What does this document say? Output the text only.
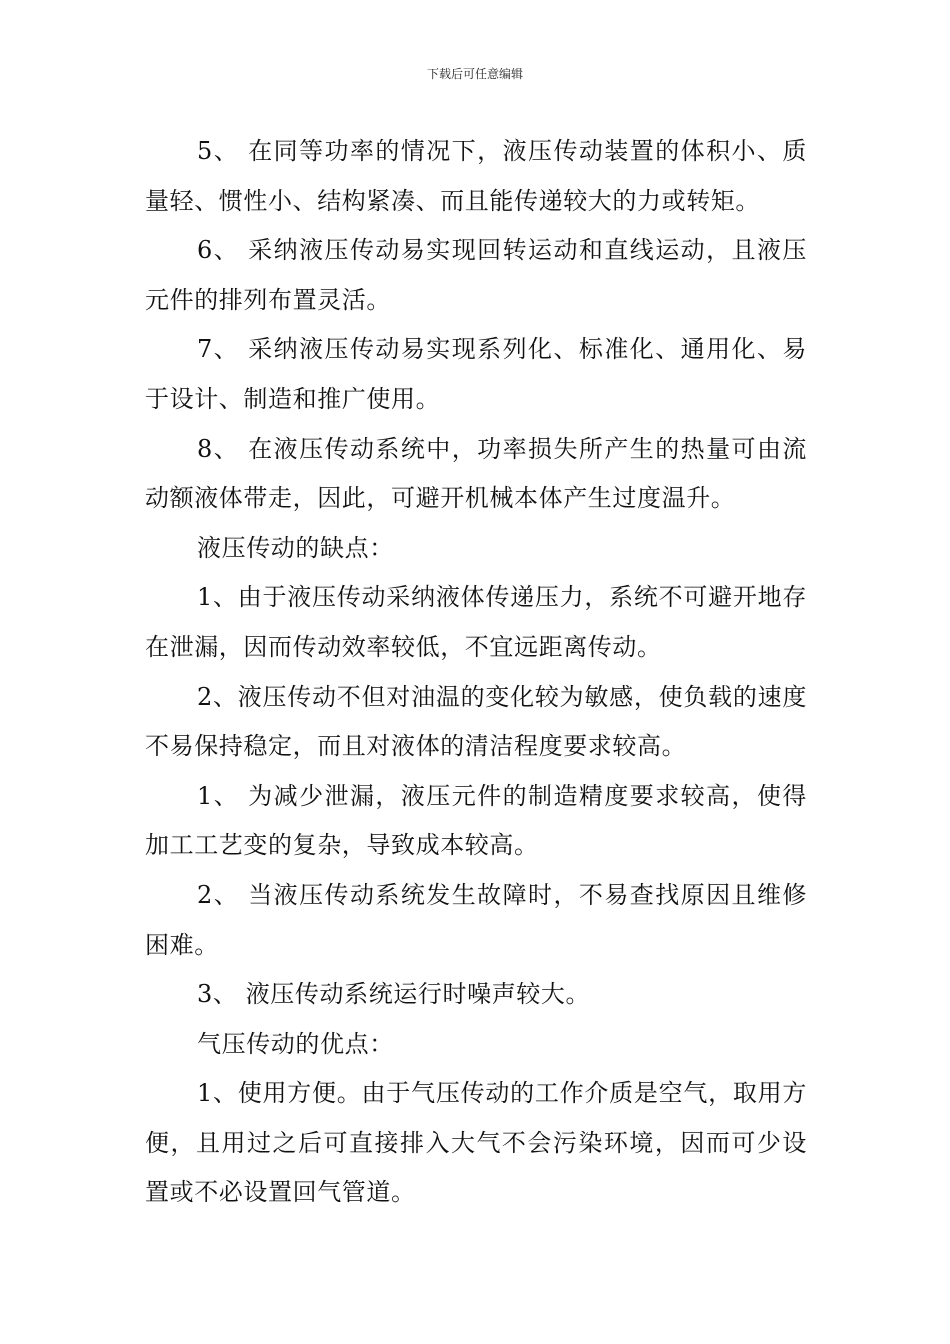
下载后可任意编辑

5、 在同等功率的情况下，液压传动装置的体积小、质量轻、惯性小、结构紧凑、而且能传递较大的力或转矩。

6、 采纳液压传动易实现回转运动和直线运动，且液压元件的排列布置灵活。

7、 采纳液压传动易实现系列化、标准化、通用化、易于设计、制造和推广使用。

8、 在液压传动系统中，功率损失所产生的热量可由流动额液体带走，因此，可避开机械本体产生过度温升。

液压传动的缺点：

1、由于液压传动采纳液体传递压力，系统不可避开地存在泄漏，因而传动效率较低，不宜远距离传动。

2、液压传动不但对油温的变化较为敏感，使负载的速度不易保持稳定，而且对液体的清洁程度要求较高。

1、 为减少泄漏，液压元件的制造精度要求较高，使得加工工艺变的复杂，导致成本较高。

2、 当液压传动系统发生故障时，不易查找原因且维修困难。

3、 液压传动系统运行时噪声较大。

气压传动的优点：

1、使用方便。由于气压传动的工作介质是空气，取用方便，且用过之后可直接排入大气不会污染环境，因而可少设置或不必设置回气管道。
